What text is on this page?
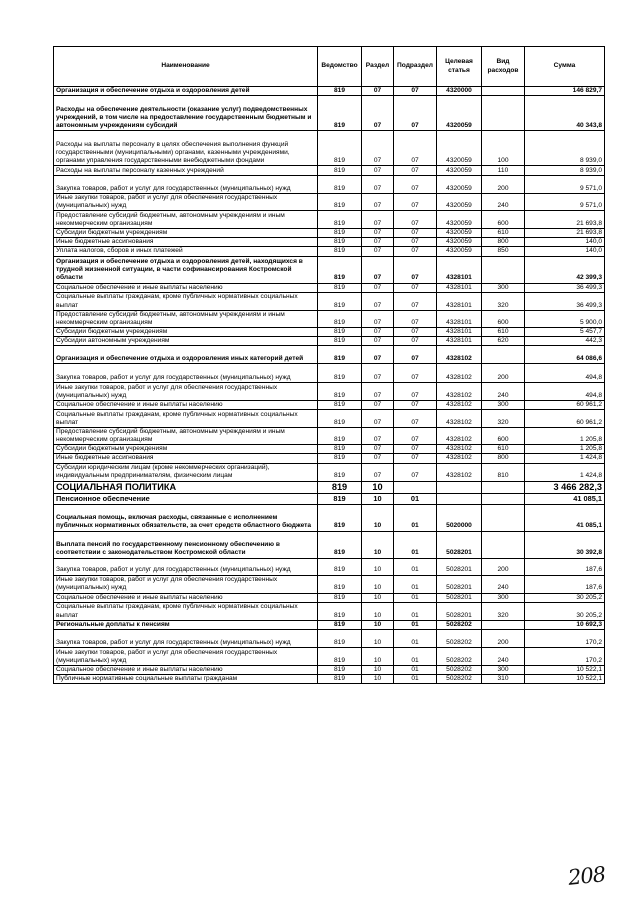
Наименование	Ведомство	Раздел	Подраздел	Целевая статья	Вид расходов	Сумма
Организация и обеспечение отдыха и оздоровления детей	819	07	07	4320000		146 829,7
Расходы на обеспечение деятельности (оказание услуг) подведомственных учреждений, в том числе на предоставление государственным бюджетным и автономным учреждениям субсидий	819	07	07	4320059		40 343,8
Расходы на выплаты персоналу в целях обеспечения выполнения функций государственными (муниципальными) органами, казенными учреждениями, органами управления государственными внебюджетными фондами	819	07	07	4320059	100	8 939,0
Расходы на выплаты персоналу казенных учреждений	819	07	07	4320059	110	8 939,0
Закупка товаров, работ и услуг для государственных (муниципальных) нужд	819	07	07	4320059	200	9 571,0
Иные закупки товаров, работ и услуг для обеспечения государственных (муниципальных) нужд	819	07	07	4320059	240	9 571,0
Предоставление субсидий бюджетным, автономным учреждениям и иным некоммерческим организациям	819	07	07	4320059	600	21 693,8
Субсидии бюджетным учреждениям	819	07	07	4320059	610	21 693,8
Иные бюджетные ассигнования	819	07	07	4320059	800	140,0
Уплата налогов, сборов и иных платежей	819	07	07	4320059	850	140,0
Организация и обеспечение отдыха и оздоровления детей, находящихся в трудной жизненной ситуации, в части софинансирования Костромской области	819	07	07	4328101		42 399,3
Социальное обеспечение и иные выплаты населению	819	07	07	4328101	300	36 499,3
Социальные выплаты гражданам, кроме публичных нормативных социальных выплат	819	07	07	4328101	320	36 499,3
Предоставление субсидий бюджетным, автономным учреждениям и иным некоммерческим организациям	819	07	07	4328101	600	5 900,0
Субсидии бюджетным учреждениям	819	07	07	4328101	610	5 457,7
Субсидии автономным учреждениям	819	07	07	4328101	620	442,3
Организация и обеспечение отдыха и оздоровления иных категорий детей	819	07	07	4328102		64 086,6
Закупка товаров, работ и услуг для государственных (муниципальных) нужд	819	07	07	4328102	200	494,8
Иные закупки товаров, работ и услуг для обеспечения государственных (муниципальных) нужд	819	07	07	4328102	240	494,8
Социальное обеспечение и иные выплаты населению	819	07	07	4328102	300	60 961,2
Социальные выплаты гражданам, кроме публичных нормативных социальных выплат	819	07	07	4328102	320	60 961,2
Предоставление субсидий бюджетным, автономным учреждениям и иным некоммерческим организациям	819	07	07	4328102	600	1 205,8
Субсидии бюджетным учреждениям	819	07	07	4328102	610	1 205,8
Иные бюджетные ассигнования	819	07	07	4328102	800	1 424,8
Субсидии юридическим лицам (кроме некоммерческих организаций), индивидуальным предпринимателям, физическим лицам	819	07	07	4328102	810	1 424,8
СОЦИАЛЬНАЯ ПОЛИТИКА	819	10				3 466 282,3
Пенсионное обеспечение	819	10	01			41 085,1
Социальная помощь, включая расходы, связанные с исполнением публичных нормативных обязательств, за счет средств областного бюджета	819	10	01	5020000		41 085,1
Выплата пенсий по государственному пенсионному обеспечению в соответствии с законодательством Костромской области	819	10	01	5028201		30 392,8
Закупка товаров, работ и услуг для государственных (муниципальных) нужд	819	10	01	5028201	200	187,6
Иные закупки товаров, работ и услуг для обеспечения государственных (муниципальных) нужд	819	10	01	5028201	240	187,6
Социальное обеспечение и иные выплаты населению	819	10	01	5028201	300	30 205,2
Социальные выплаты гражданам, кроме публичных нормативных социальных выплат	819	10	01	5028201	320	30 205,2
Региональные доплаты к пенсиям	819	10	01	5028202		10 692,3
Закупка товаров, работ и услуг для государственных (муниципальных) нужд	819	10	01	5028202	200	170,2
Иные закупки товаров, работ и услуг для обеспечения государственных (муниципальных) нужд	819	10	01	5028202	240	170,2
Социальное обеспечение и иные выплаты населению	819	10	01	5028202	300	10 522,1
Публичные нормативные социальные выплаты гражданам	819	10	01	5028202	310	10 522,1
208
